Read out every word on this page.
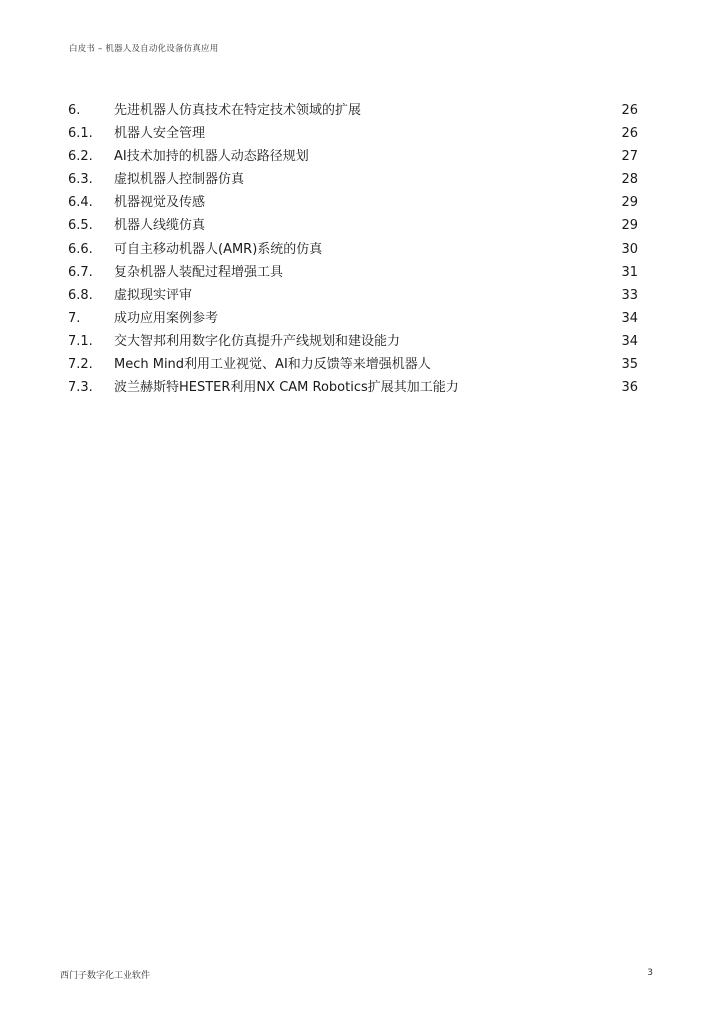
白皮书 – 机器人及自动化设备仿真应用
6.	先进机器人仿真技术在特定技术领域的扩展	26
6.1. 机器人安全管理	26
6.2. AI技术加持的机器人动态路径规划	27
6.3. 虚拟机器人控制器仿真	28
6.4. 机器视觉及传感	29
6.5. 机器人线缆仿真	29
6.6. 可自主移动机器人(AMR)系统的仿真	30
6.7. 复杂机器人装配过程增强工具	31
6.8. 虚拟现实评审	33
7.	成功应用案例参考	34
7.1. 交大智邦利用数字化仿真提升产线规划和建设能力	34
7.2. Mech Mind利用工业视觉、AI和力反馈等来增强机器人	35
7.3. 波兰赫斯特HESTER利用NX CAM Robotics扩展其加工能力	36
西门子数字化工业软件	3
